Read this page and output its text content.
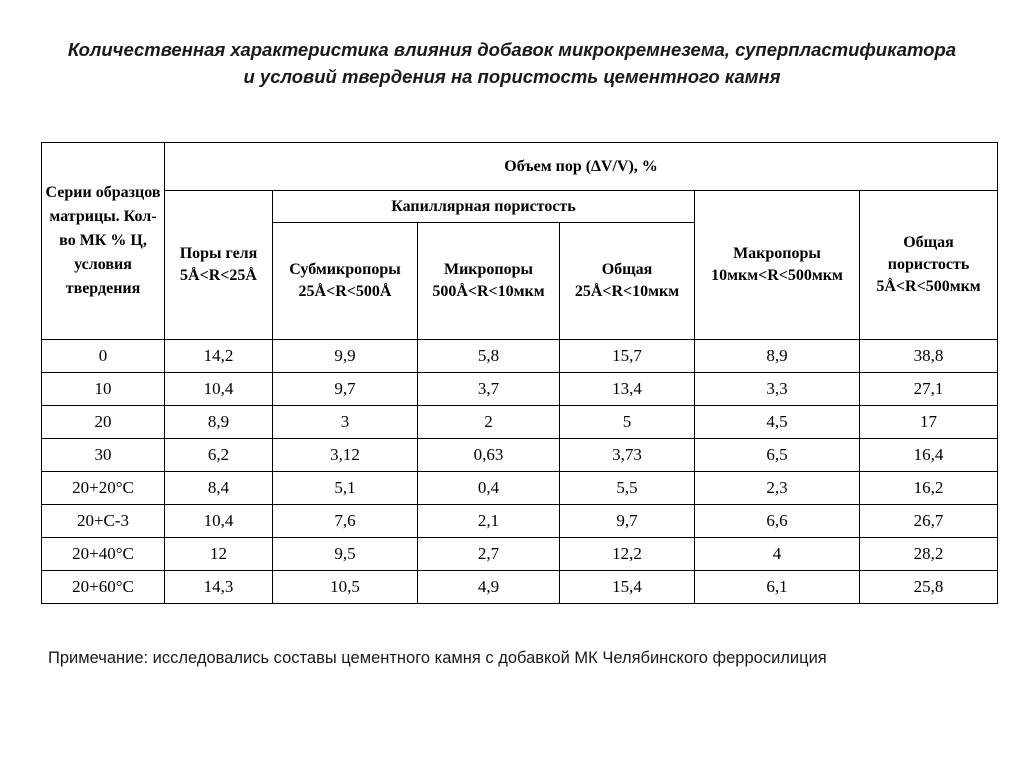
Количественная характеристика влияния добавок микрокремнезема, суперпластификатора и условий твердения на пористость цементного камня
Серии образцов матрицы. Кол-во МК % Ц, условия твердения	Объем пор (∆V/V), %					
	Поры геля 5Å<R<25Å	Капиллярная пористость			Макропоры 10мкм<R<500мкм	Общая пористость 5Å<R<500мкм
		Субмикропоры 25Å<R<500Å	Микропоры 500Å<R<10мкм	Общая 25Å<R<10мкм		
0	14,2	9,9	5,8	15,7	8,9	38,8
10	10,4	9,7	3,7	13,4	3,3	27,1
20	8,9	3	2	5	4,5	17
30	6,2	3,12	0,63	3,73	6,5	16,4
20+20°С	8,4	5,1	0,4	5,5	2,3	16,2
20+С-3	10,4	7,6	2,1	9,7	6,6	26,7
20+40°С	12	9,5	2,7	12,2	4	28,2
20+60°С	14,3	10,5	4,9	15,4	6,1	25,8
Примечание: исследовались составы цементного камня с добавкой МК Челябинского ферросилиция
